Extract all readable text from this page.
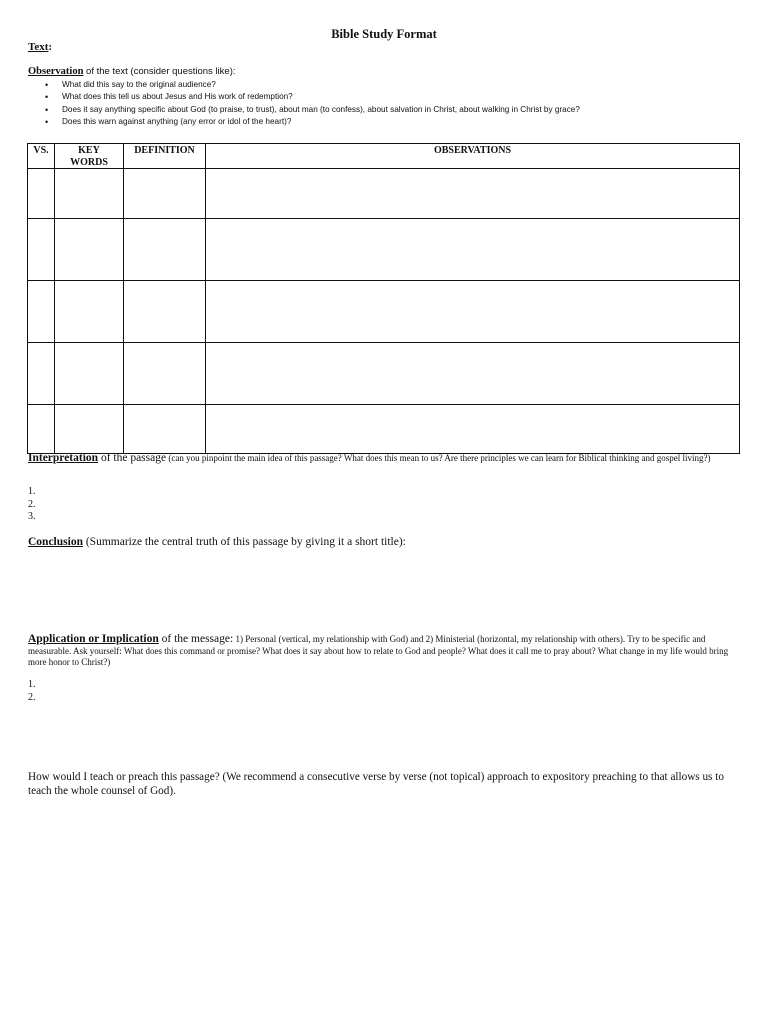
Bible Study Format
Text:
Observation of the text (consider questions like):
• What did this say to the original audience?
• What does this tell us about Jesus and His work of redemption?
• Does it say anything specific about God (to praise, to trust), about man (to confess), about salvation in Christ, about walking in Christ by grace?
• Does this warn against anything (any error or idol of the heart)?
VS.	KEY WORDS	DEFINITION	OBSERVATIONS

Interpretation of the passage (can you pinpoint the main idea of this passage? What does this mean to us? Are there principles we can learn for Biblical thinking and gospel living?)
1.
2.
3.
Conclusion (Summarize the central truth of this passage by giving it a short title):
Application or Implication of the message: 1) Personal (vertical, my relationship with God) and 2) Ministerial (horizontal, my relationship with others). Try to be specific and measurable. Ask yourself: What does this command or promise? What does it say about how to relate to God and people? What does it call me to pray about? What change in my life would bring more honor to Christ?)
1.
2.
How would I teach or preach this passage? (We recommend a consecutive verse by verse (not topical) approach to expository preaching to that allows us to teach the whole counsel of God).
